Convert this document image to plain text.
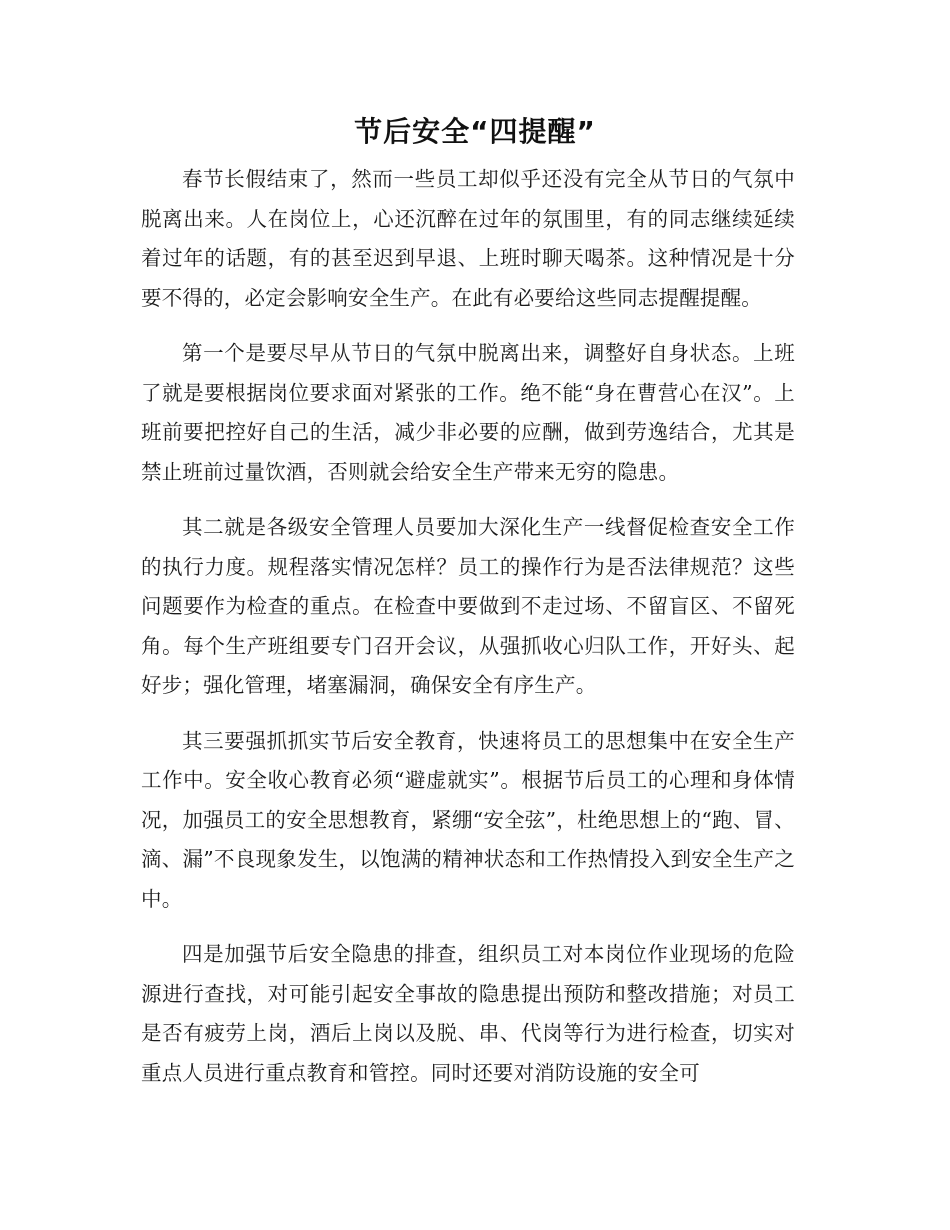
节后安全“四提醒”

春节长假结束了，然而一些员工却似乎还没有完全从节日的气氛中脱离出来。人在岗位上，心还沉醉在过年的氛围里，有的同志继续延续着过年的话题，有的甚至迟到早退、上班时聊天喝茶。这种情况是十分要不得的，必定会影响安全生产。在此有必要给这些同志提醒提醒。

第一个是要尽早从节日的气氛中脱离出来，调整好自身状态。上班了就是要根据岗位要求面对紧张的工作。绝不能“身在曹营心在汉”。上班前要把控好自己的生活，减少非必要的应酬，做到劳逸结合，尤其是禁止班前过量饮酒，否则就会给安全生产带来无穷的隐患。

其二就是各级安全管理人员要加大深化生产一线督促检查安全工作的执行力度。规程落实情况怎样？员工的操作行为是否法律规范？这些问题要作为检查的重点。在检查中要做到不走过场、不留盲区、不留死角。每个生产班组要专门召开会议，从强抓收心归队工作，开好头、起好步；强化管理，堵塞漏洞，确保安全有序生产。

其三要强抓抓实节后安全教育，快速将员工的思想集中在安全生产工作中。安全收心教育必须“避虚就实”。根据节后员工的心理和身体情况，加强员工的安全思想教育，紧绷“安全弦”，杜绝思想上的“跑、冒、滴、漏”不良现象发生，以饱满的精神状态和工作热情投入到安全生产之中。

四是加强节后安全隐患的排查，组织员工对本岗位作业现场的危险源进行查找，对可能引起安全事故的隐患提出预防和整改措施；对员工是否有疲劳上岗，酒后上岗以及脱、串、代岗等行为进行检查，切实对重点人员进行重点教育和管控。同时还要对消防设施的安全可
